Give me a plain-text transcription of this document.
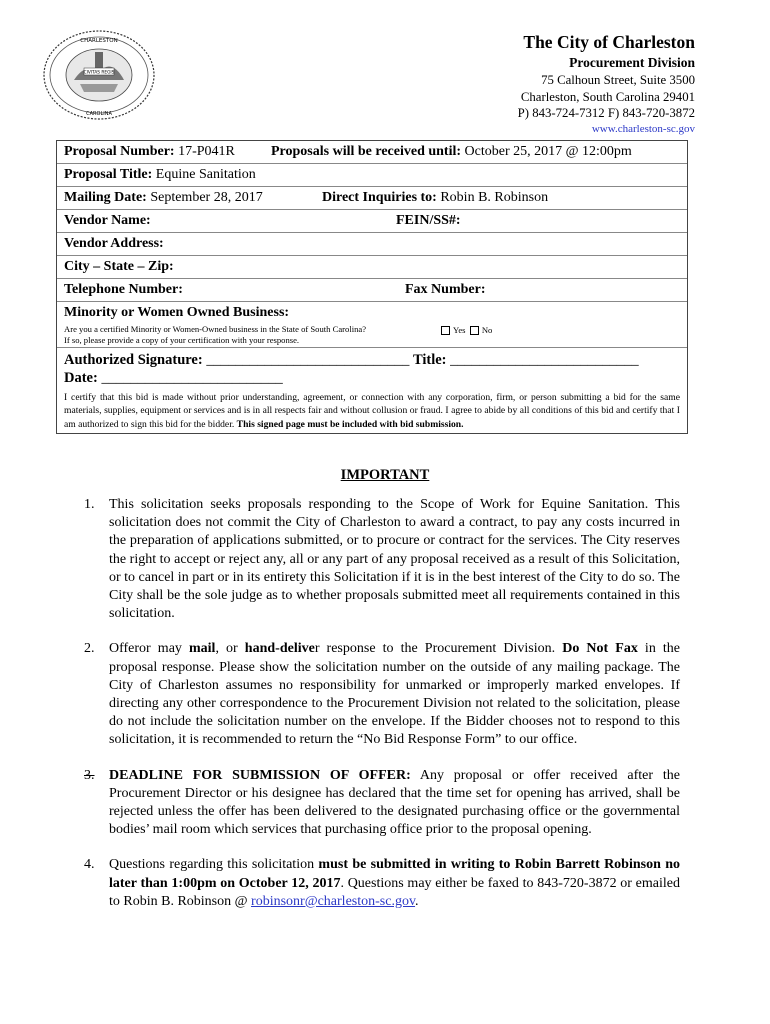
CIVITAS REGIS
CHARLESTON
CAROLINA
The City of Charleston
Procurement Division
75 Calhoun Street, Suite 3500
Charleston, South Carolina 29401
P) 843-724-7312 F) 843-720-3872
www.charleston-sc.gov
Proposal Number: 17-P041R	Proposals will be received until: October 25, 2017 @ 12:00pm
Proposal Title: Equine Sanitation
Mailing Date: September 28, 2017	Direct Inquiries to: Robin B. Robinson
Vendor Name:	FEIN/SS#:
Vendor Address:
City – State – Zip:
Telephone Number:	Fax Number:
Minority or Women Owned Business:
Are you a certified Minority or Women-Owned business in the State of South Carolina?
If so, please provide a copy of your certification with your response.
Yes No
Authorized Signature: ____________________________ Title: __________________________
Date: _________________________
I certify that this bid is made without prior understanding, agreement, or connection with any corporation, firm, or person submitting a bid for the same materials, supplies, equipment or services and is in all respects fair and without collusion or fraud. I agree to abide by all conditions of this bid and certify that I am authorized to sign this bid for the bidder. This signed page must be included with bid submission.
IMPORTANT
1. This solicitation seeks proposals responding to the Scope of Work for Equine Sanitation. This solicitation does not commit the City of Charleston to award a contract, to pay any costs incurred in the preparation of applications submitted, or to procure or contract for the services. The City reserves the right to accept or reject any, all or any part of any proposal received as a result of this Solicitation, or to cancel in part or in its entirety this Solicitation if it is in the best interest of the City to do so. The City shall be the sole judge as to whether proposals submitted meet all requirements contained in this solicitation.
2. Offeror may mail, or hand-deliver response to the Procurement Division. Do Not Fax in the proposal response. Please show the solicitation number on the outside of any mailing package. The City of Charleston assumes no responsibility for unmarked or improperly marked envelopes. If directing any other correspondence to the Procurement Division not related to the solicitation, please do not include the solicitation number on the envelope. If the Bidder chooses not to respond to this solicitation, it is recommended to return the “No Bid Response Form” to our office.
3. DEADLINE FOR SUBMISSION OF OFFER: Any proposal or offer received after the Procurement Director or his designee has declared that the time set for opening has arrived, shall be rejected unless the offer has been delivered to the designated purchasing office or the governmental bodies’ mail room which services that purchasing office prior to the proposal opening.
4. Questions regarding this solicitation must be submitted in writing to Robin Barrett Robinson no later than 1:00pm on October 12, 2017. Questions may either be faxed to 843-720-3872 or emailed to Robin B. Robinson @ robinsonr@charleston-sc.gov.
